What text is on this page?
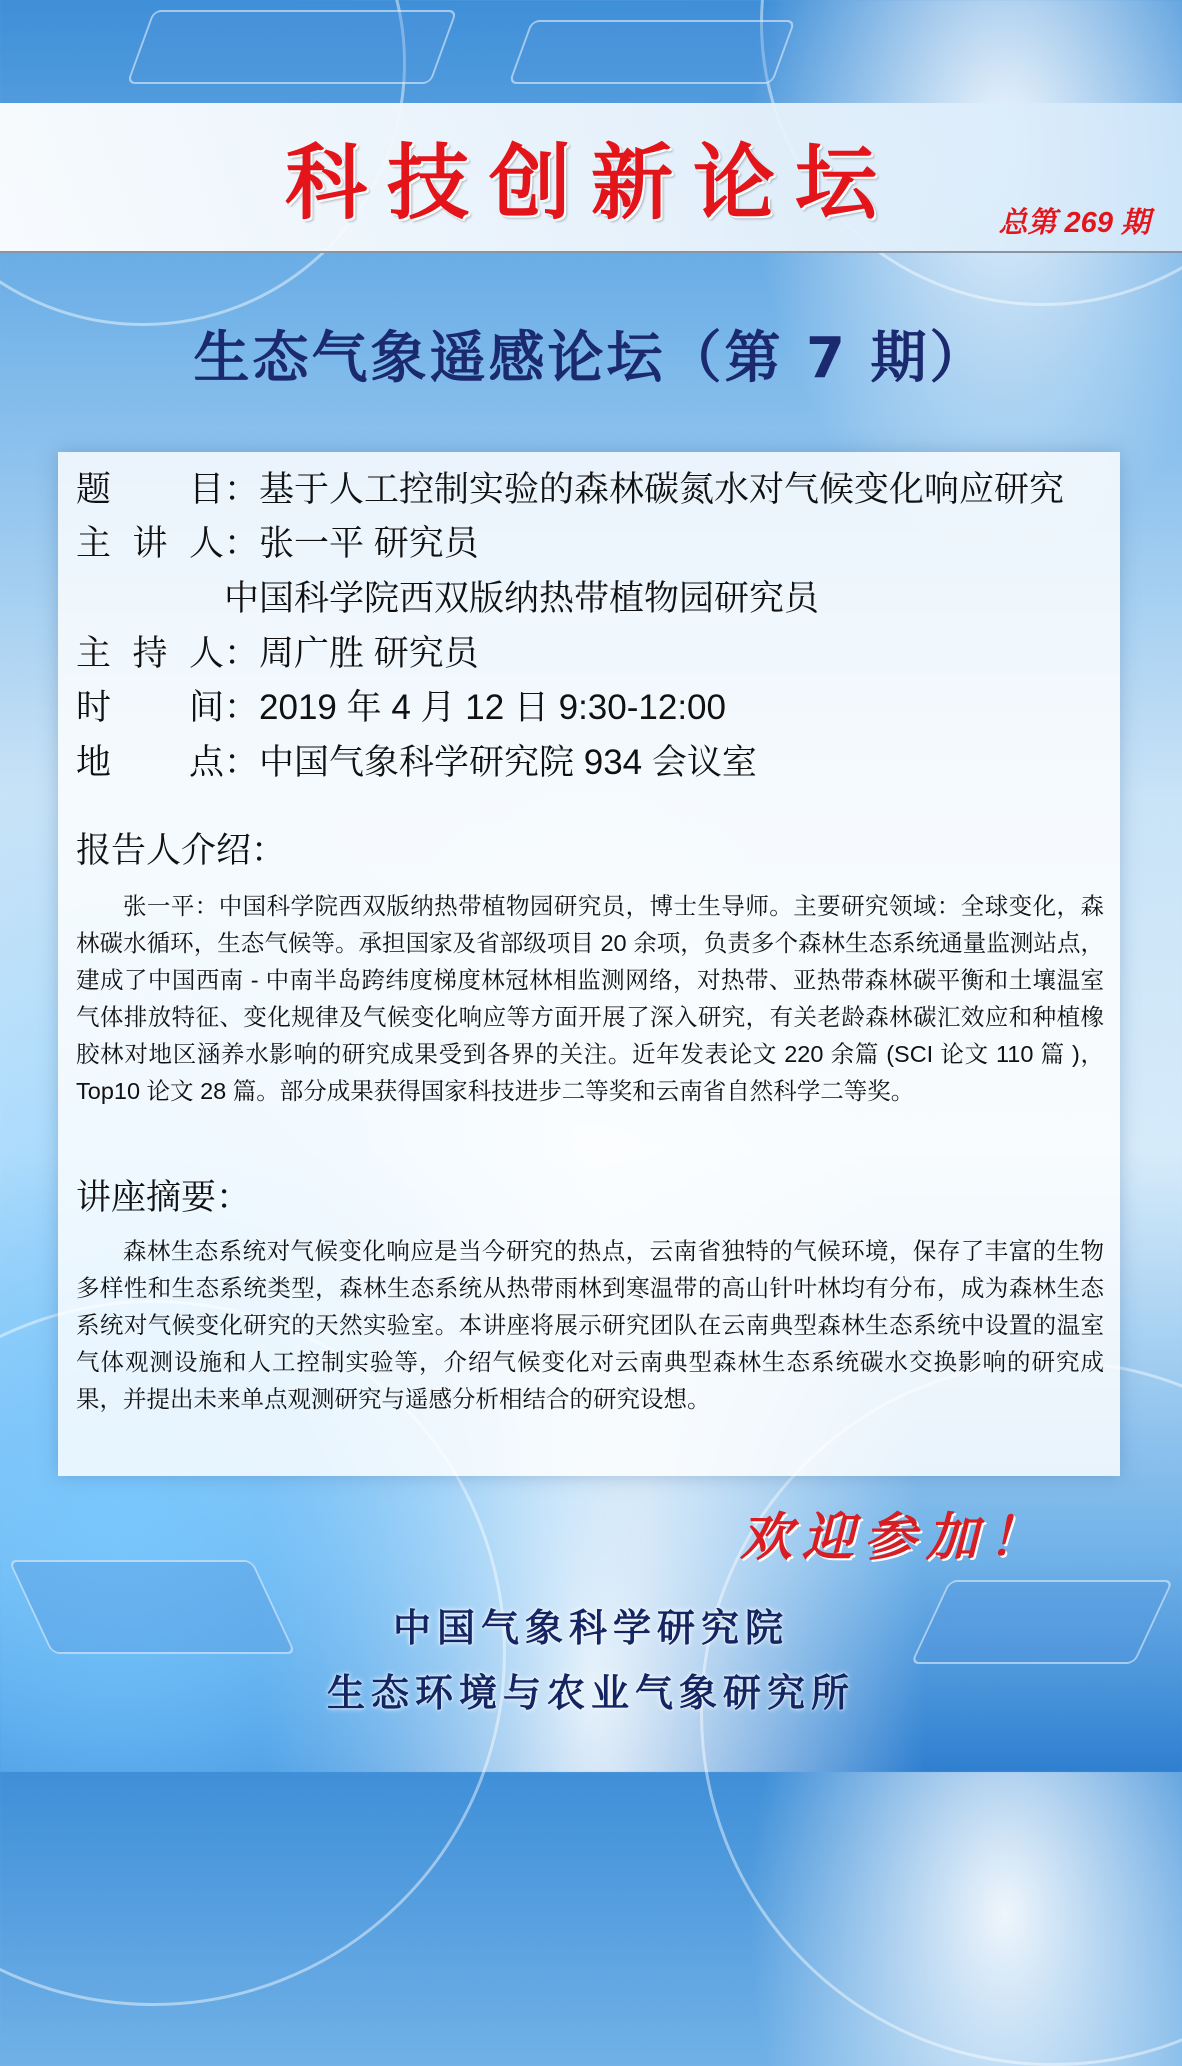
科技创新论坛	总第 269 期
生态气象遥感论坛（第 7 期）
题目：基于人工控制实验的森林碳氮水对气候变化响应研究
主讲人：张一平 研究员
中国科学院西双版纳热带植物园研究员
主持人：周广胜 研究员
时间：2019 年 4 月 12 日 9:30-12:00
地点：中国气象科学研究院 934 会议室
报告人介绍：
张一平：中国科学院西双版纳热带植物园研究员，博士生导师。主要研究领域：全球变化，森林碳水循环，生态气候等。承担国家及省部级项目 20 余项，负责多个森林生态系统通量监测站点，建成了中国西南 - 中南半岛跨纬度梯度林冠林相监测网络，对热带、亚热带森林碳平衡和土壤温室气体排放特征、变化规律及气候变化响应等方面开展了深入研究，有关老龄森林碳汇效应和种植橡胶林对地区涵养水影响的研究成果受到各界的关注。近年发表论文 220 余篇 (SCI 论文 110 篇 )，Top10 论文 28 篇。部分成果获得国家科技进步二等奖和云南省自然科学二等奖。
讲座摘要：
森林生态系统对气候变化响应是当今研究的热点，云南省独特的气候环境，保存了丰富的生物多样性和生态系统类型，森林生态系统从热带雨林到寒温带的高山针叶林均有分布，成为森林生态系统对气候变化研究的天然实验室。本讲座将展示研究团队在云南典型森林生态系统中设置的温室气体观测设施和人工控制实验等，介绍气候变化对云南典型森林生态系统碳水交换影响的研究成果，并提出未来单点观测研究与遥感分析相结合的研究设想。
欢迎参加！
中国气象科学研究院
生态环境与农业气象研究所
